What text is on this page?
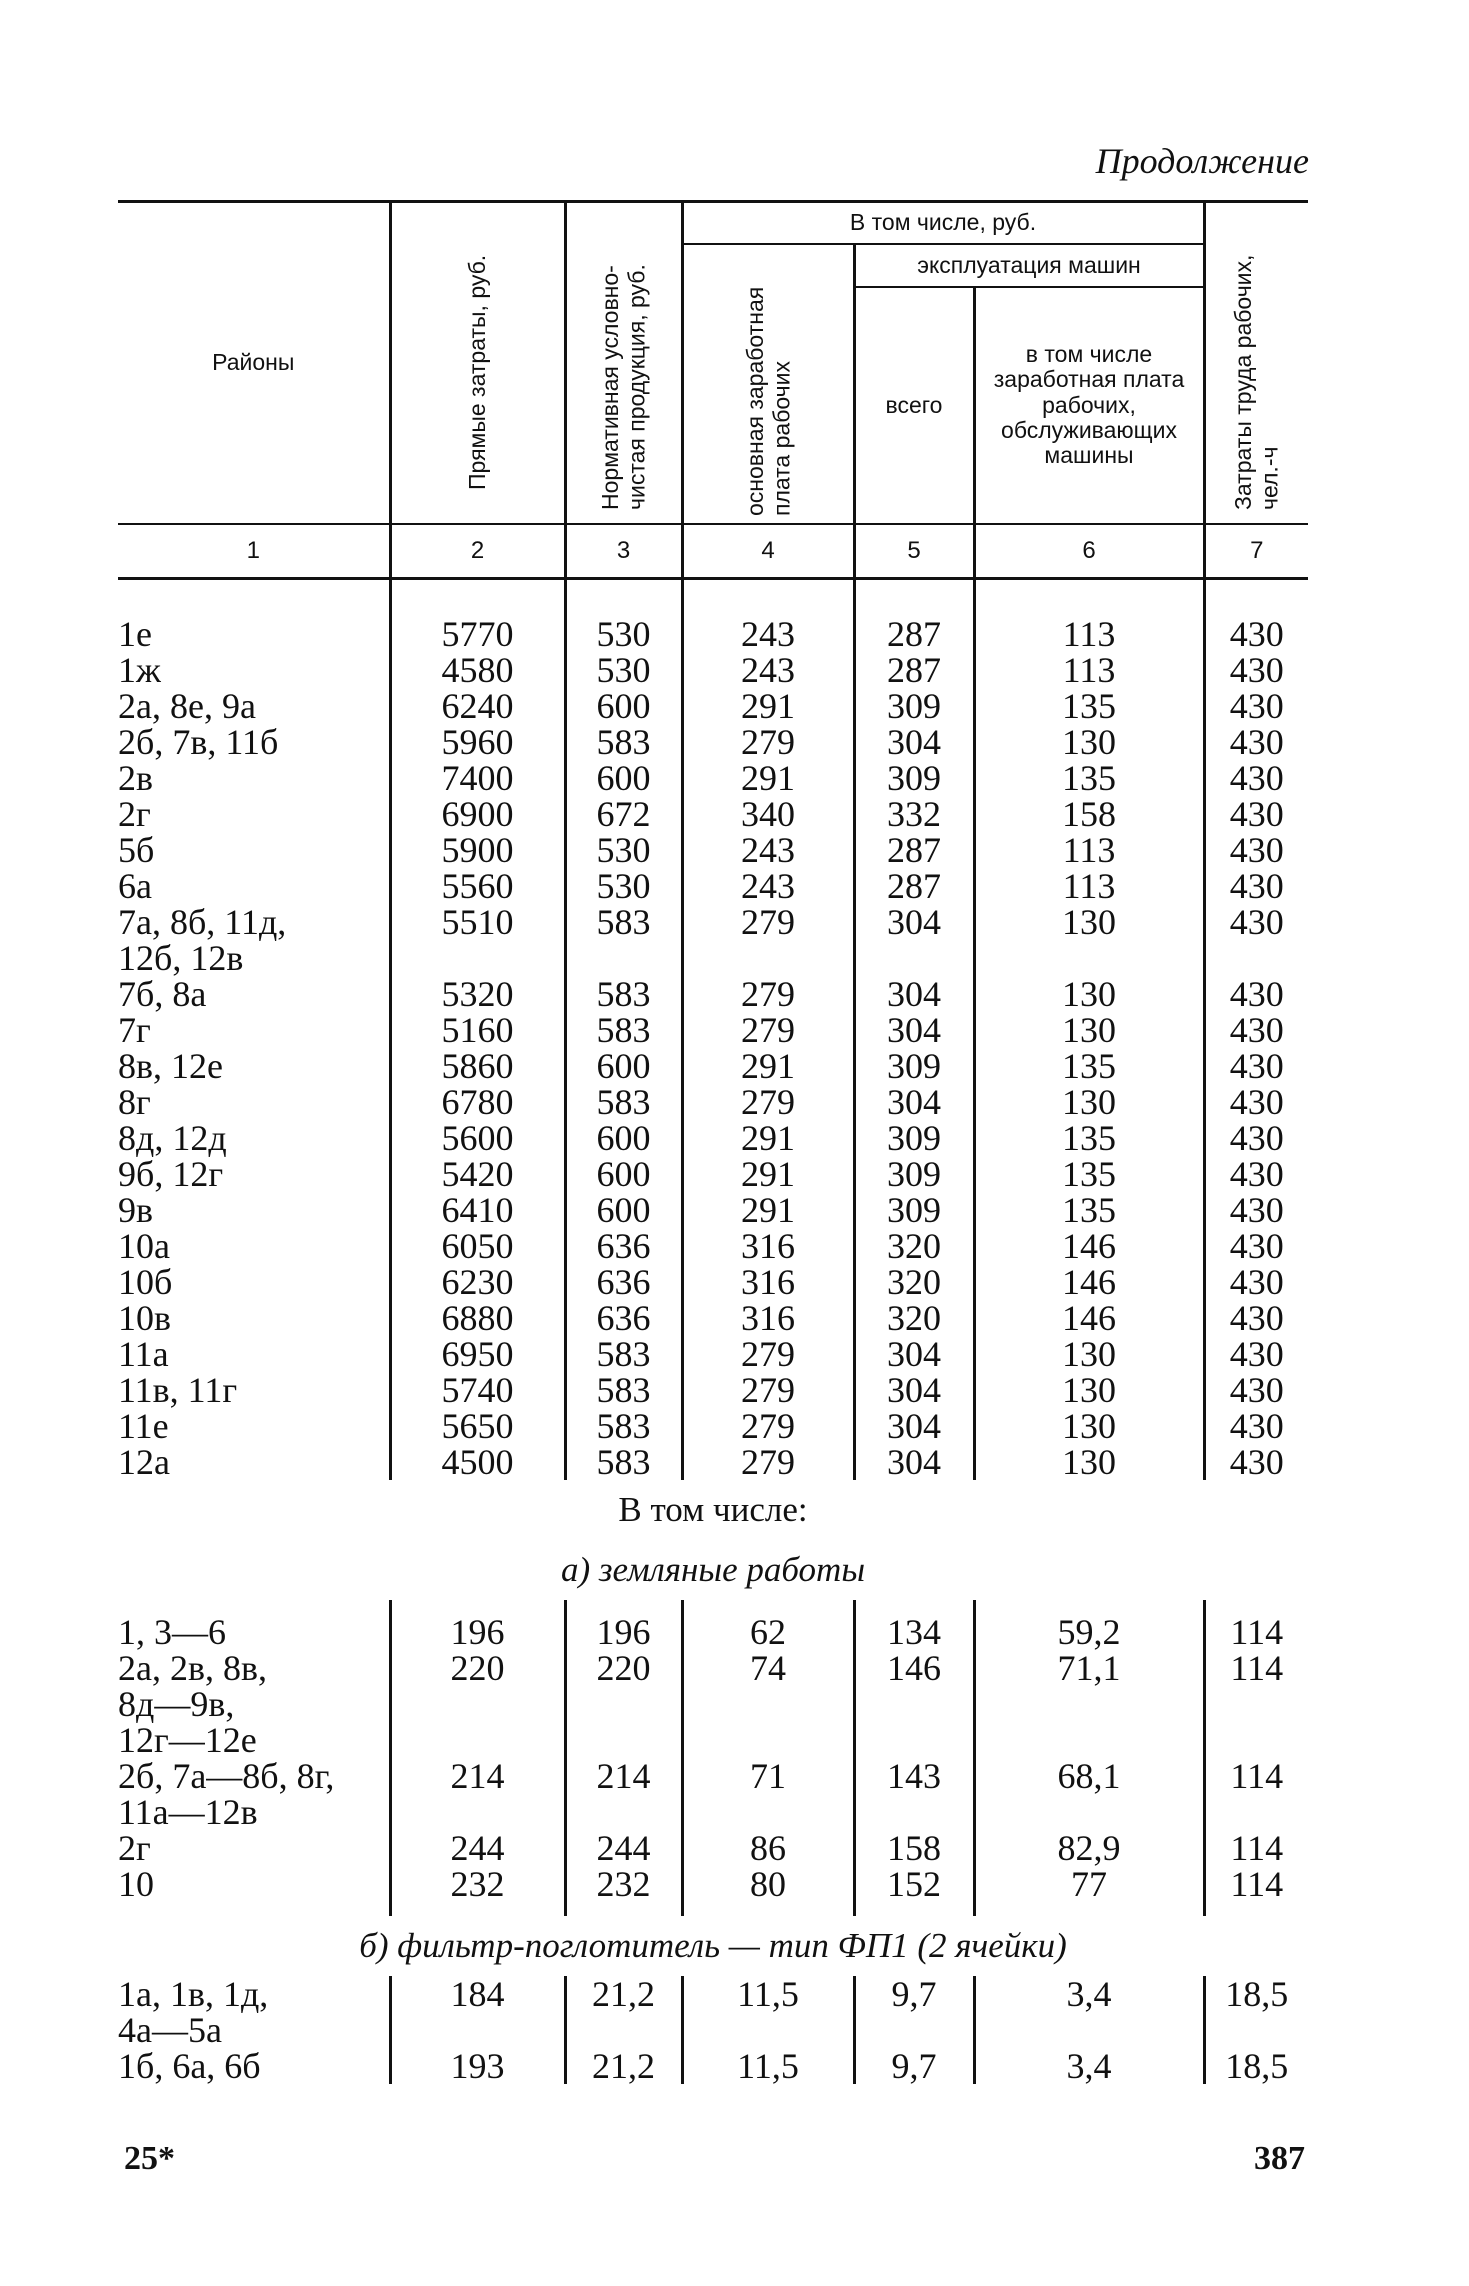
Продолжение
Районы	Прямые затраты, руб.	Нормативная условно-чистая продукция, руб.	В том числе, руб.			Затраты труда рабочих, чел.-ч
			основная заработная плата рабочих	эксплуатация машин		
				всего	в том числе заработная плата рабочих, обслуживающих машины	
1	2	3	4	5	6	7

1е	5770	530	243	287	113	430
1ж	4580	530	243	287	113	430
2а, 8е, 9а	6240	600	291	309	135	430
2б, 7в, 11б	5960	583	279	304	130	430
2в	7400	600	291	309	135	430
2г	6900	672	340	332	158	430
5б	5900	530	243	287	113	430
6а	5560	530	243	287	113	430
7а, 8б, 11д,	5510	583	279	304	130	430
12б, 12в						
7б, 8а	5320	583	279	304	130	430
7г	5160	583	279	304	130	430
8в, 12е	5860	600	291	309	135	430
8г	6780	583	279	304	130	430
8д, 12д	5600	600	291	309	135	430
9б, 12г	5420	600	291	309	135	430
9в	6410	600	291	309	135	430
10а	6050	636	316	320	146	430
10б	6230	636	316	320	146	430
10в	6880	636	316	320	146	430
11а	6950	583	279	304	130	430
11в, 11г	5740	583	279	304	130	430
11е	5650	583	279	304	130	430
12а	4500	583	279	304	130	430
В том числе:						
а) земляные работы						

1, 3—6	196	196	62	134	59,2	114
2а, 2в, 8в,	220	220	74	146	71,1	114
8д—9в,						
12г—12е						
2б, 7а—8б, 8г,	214	214	71	143	68,1	114
11а—12в						
2г	244	244	86	158	82,9	114
10	232	232	80	152	77	114

б) фильтр-поглотитель — тип ФП1 (2 ячейки)						
1а, 1в, 1д,	184	21,2	11,5	9,7	3,4	18,5
4а—5а						
1б, 6а, 6б	193	21,2	11,5	9,7	3,4	18,5
25*	387
